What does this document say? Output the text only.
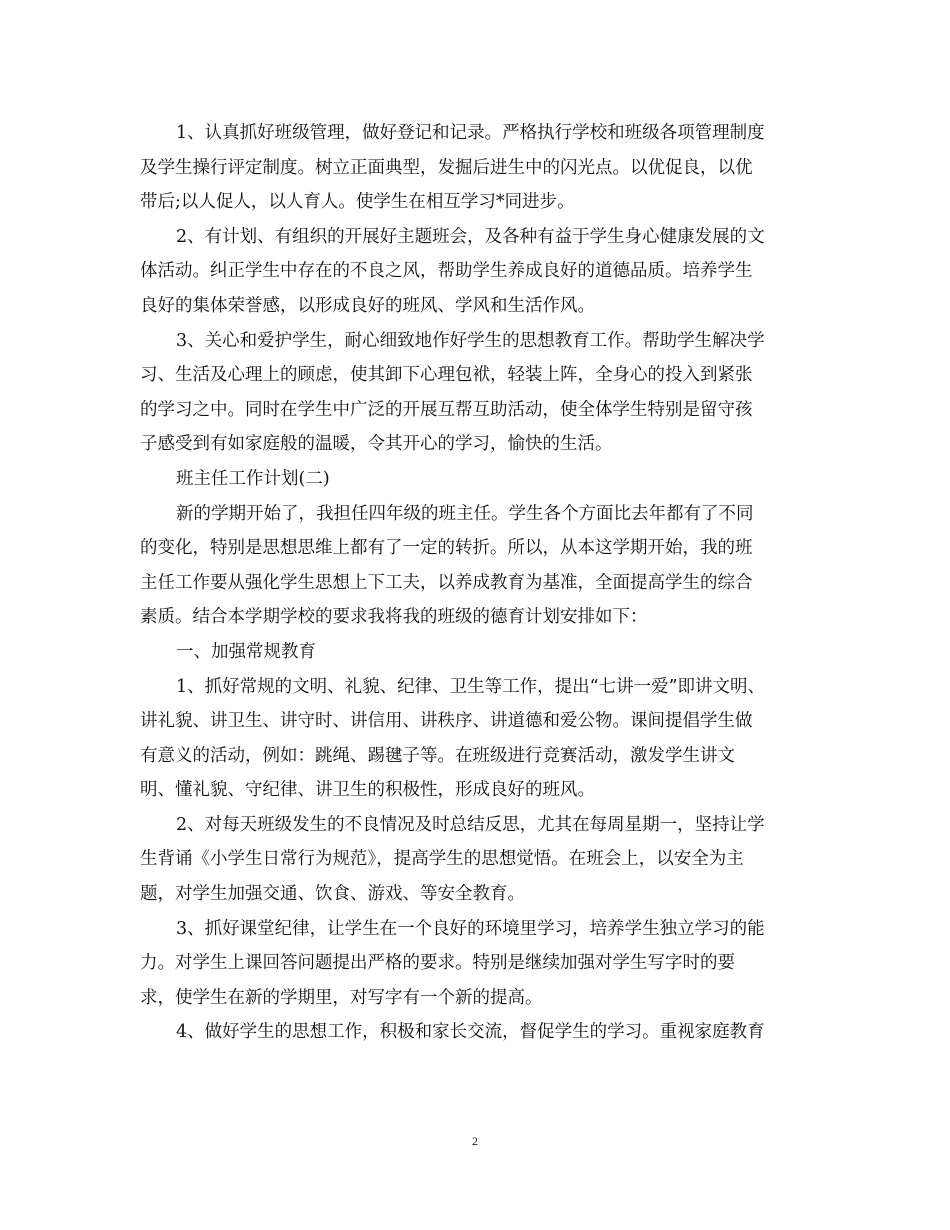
1、认真抓好班级管理，做好登记和记录。严格执行学校和班级各项管理制度
及学生操行评定制度。树立正面典型，发掘后进生中的闪光点。以优促良，以优
带后;以人促人，以人育人。使学生在相互学习*同进步。
2、有计划、有组织的开展好主题班会，及各种有益于学生身心健康发展的文
体活动。纠正学生中存在的不良之风，帮助学生养成良好的道德品质。培养学生
良好的集体荣誉感，以形成良好的班风、学风和生活作风。
3、关心和爱护学生，耐心细致地作好学生的思想教育工作。帮助学生解决学
习、生活及心理上的顾虑，使其卸下心理包袱，轻装上阵，全身心的投入到紧张
的学习之中。同时在学生中广泛的开展互帮互助活动，使全体学生特别是留守孩
子感受到有如家庭般的温暖，令其开心的学习，愉快的生活。
班主任工作计划(二)
新的学期开始了，我担任四年级的班主任。学生各个方面比去年都有了不同
的变化，特别是思想思维上都有了一定的转折。所以，从本这学期开始，我的班
主任工作要从强化学生思想上下工夫，以养成教育为基准，全面提高学生的综合
素质。结合本学期学校的要求我将我的班级的德育计划安排如下：
一、加强常规教育
1、抓好常规的文明、礼貌、纪律、卫生等工作，提出“七讲一爱”即讲文明、
讲礼貌、讲卫生、讲守时、讲信用、讲秩序、讲道德和爱公物。课间提倡学生做
有意义的活动，例如：跳绳、踢毽子等。在班级进行竞赛活动，激发学生讲文
明、懂礼貌、守纪律、讲卫生的积极性，形成良好的班风。
2、对每天班级发生的不良情况及时总结反思，尤其在每周星期一，坚持让学
生背诵《小学生日常行为规范》，提高学生的思想觉悟。在班会上，以安全为主
题，对学生加强交通、饮食、游戏、等安全教育。
3、抓好课堂纪律，让学生在一个良好的环境里学习，培养学生独立学习的能
力。对学生上课回答问题提出严格的要求。特别是继续加强对学生写字时的要
求，使学生在新的学期里，对写字有一个新的提高。
4、做好学生的思想工作，积极和家长交流，督促学生的学习。重视家庭教育
2
